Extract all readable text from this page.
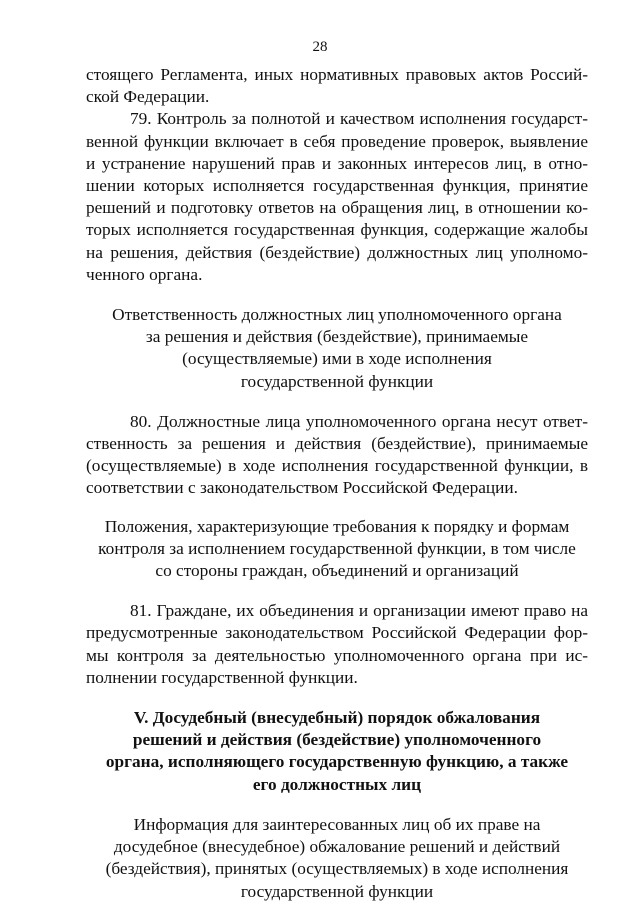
28
стоящего Регламента, иных нормативных правовых актов Россий-
ской Федерации.
79. Контроль за полнотой и качеством исполнения государст-
венной функции включает в себя проведение проверок, выявление
и устранение нарушений прав и законных интересов лиц, в отно-
шении которых исполняется государственная функция, принятие
решений и подготовку ответов на обращения лиц, в отношении ко-
торых исполняется государственная функция, содержащие жалобы
на решения, действия (бездействие) должностных лиц уполномо-
ченного органа.
Ответственность должностных лиц уполномоченного органа
за решения и действия (бездействие), принимаемые
(осуществляемые) ими в ходе исполнения
государственной функции
80. Должностные лица уполномоченного органа несут ответ-
ственность за решения и действия (бездействие), принимаемые
(осуществляемые) в ходе исполнения государственной функции, в
соответствии с законодательством Российской Федерации.
Положения, характеризующие требования к порядку и формам
контроля за исполнением государственной функции, в том числе
со стороны граждан, объединений и организаций
81. Граждане, их объединения и организации имеют право на
предусмотренные законодательством Российской Федерации фор-
мы контроля за деятельностью уполномоченного органа при ис-
полнении государственной функции.
V. Досудебный (внесудебный) порядок обжалования
решений и действия (бездействие) уполномоченного
органа, исполняющего государственную функцию, а также
его должностных лиц
Информация для заинтересованных лиц об их праве на
досудебное (внесудебное) обжалование решений и действий
(бездействия), принятых (осуществляемых) в ходе исполнения
государственной функции
